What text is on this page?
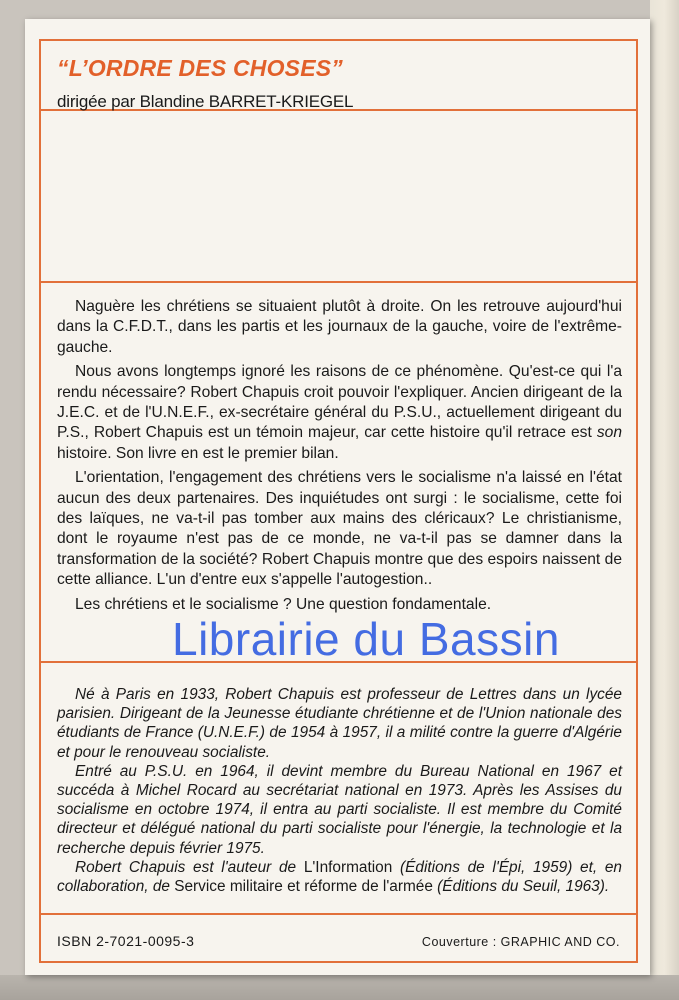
“L’ORDRE DES CHOSES”
dirigée par Blandine BARRET-KRIEGEL

Naguère les chrétiens se situaient plutôt à droite. On les retrouve aujourd'hui dans la C.F.D.T., dans les partis et les journaux de la gauche, voire de l'extrême-gauche.

Nous avons longtemps ignoré les raisons de ce phénomène. Qu'est-ce qui l'a rendu nécessaire? Robert Chapuis croit pouvoir l'expliquer. Ancien dirigeant de la J.E.C. et de l'U.N.E.F., ex-secrétaire général du P.S.U., actuellement dirigeant du P.S., Robert Chapuis est un témoin majeur, car cette histoire qu'il retrace est son histoire. Son livre en est le premier bilan.

L'orientation, l'engagement des chrétiens vers le socialisme n'a laissé en l'état aucun des deux partenaires. Des inquiétudes ont surgi : le socialisme, cette foi des laïques, ne va-t-il pas tomber aux mains des cléricaux? Le christianisme, dont le royaume n'est pas de ce monde, ne va-t-il pas se damner dans la transformation de la société? Robert Chapuis montre que des espoirs naissent de cette alliance. L'un d'entre eux s'appelle l'autogestion..

Les chrétiens et le socialisme ? Une question fondamentale.

Né à Paris en 1933, Robert Chapuis est professeur de Lettres dans un lycée parisien. Dirigeant de la Jeunesse étudiante chrétienne et de l'Union nationale des étudiants de France (U.N.E.F.) de 1954 à 1957, il a milité contre la guerre d'Algérie et pour le renouveau socialiste.

Entré au P.S.U. en 1964, il devint membre du Bureau National en 1967 et succéda à Michel Rocard au secrétariat national en 1973. Après les Assises du socialisme en octobre 1974, il entra au parti socialiste. Il est membre du Comité directeur et délégué national du parti socialiste pour l'énergie, la technologie et la recherche depuis février 1975.

Robert Chapuis est l'auteur de L'Information (Éditions de l'Épi, 1959) et, en collaboration, de Service militaire et réforme de l'armée (Éditions du Seuil, 1963).

ISBN 2-7021-0095-3	Couverture : GRAPHIC AND CO.
Librairie du Bassin
